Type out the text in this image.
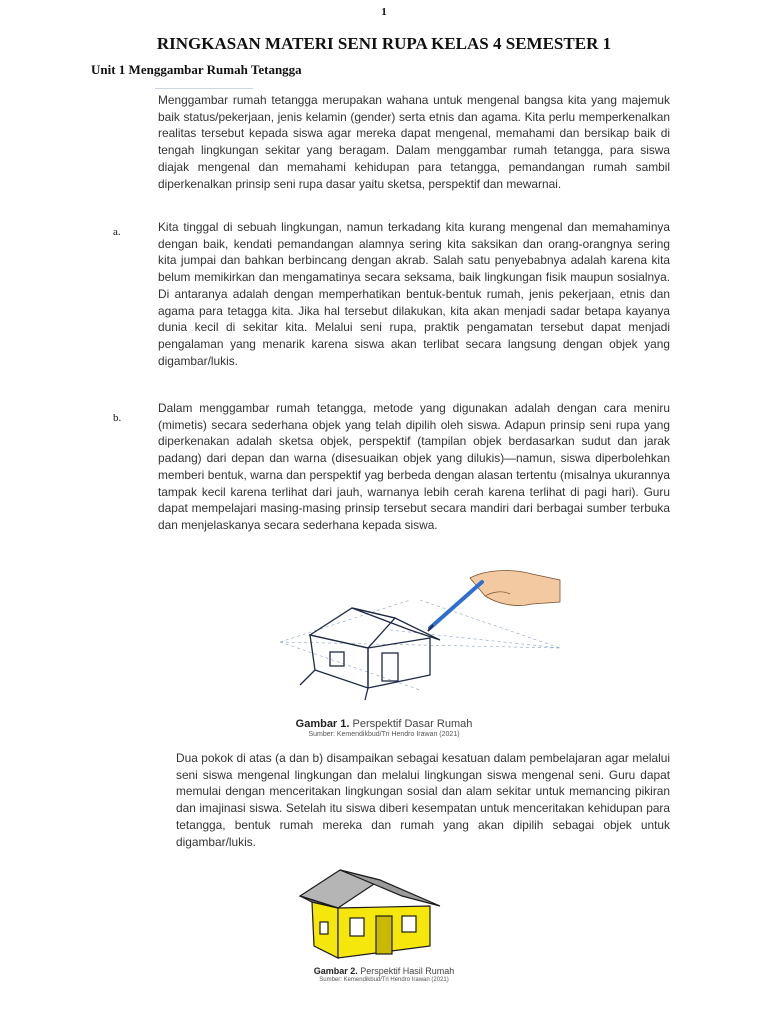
1
RINGKASAN MATERI SENI RUPA KELAS 4 SEMESTER 1
Unit 1 Menggambar Rumah Tetangga
Menggambar rumah tetangga merupakan wahana untuk mengenal bangsa kita yang majemuk baik status/pekerjaan, jenis kelamin (gender) serta etnis dan agama. Kita perlu memperkenalkan realitas tersebut kepada siswa agar mereka dapat mengenal, memahami dan bersikap baik di tengah lingkungan sekitar yang beragam. Dalam menggambar rumah tetangga, para siswa diajak mengenal dan memahami kehidupan para tetangga, pemandangan rumah sambil diperkenalkan prinsip seni rupa dasar yaitu sketsa, perspektif dan mewarnai.
a.	Kita tinggal di sebuah lingkungan, namun terkadang kita kurang mengenal dan memahaminya dengan baik, kendati pemandangan alamnya sering kita saksikan dan orang-orangnya sering kita jumpai dan bahkan berbincang dengan akrab. Salah satu penyebabnya adalah karena kita belum memikirkan dan mengamatinya secara seksama, baik lingkungan fisik maupun sosialnya. Di antaranya adalah dengan memperhatikan bentuk-bentuk rumah, jenis pekerjaan, etnis dan agama para tetagga kita. Jika hal tersebut dilakukan, kita akan menjadi sadar betapa kayanya dunia kecil di sekitar kita. Melalui seni rupa, praktik pengamatan tersebut dapat menjadi pengalaman yang menarik karena siswa akan terlibat secara langsung dengan objek yang digambar/lukis.
b.
Dalam menggambar rumah tetangga, metode yang digunakan adalah dengan cara meniru (mimetis) secara sederhana objek yang telah dipilih oleh siswa. Adapun prinsip seni rupa yang diperkenakan adalah sketsa objek, perspektif (tampilan objek berdasarkan sudut dan jarak padang) dari depan dan warna (disesuaikan objek yang dilukis)—namun, siswa diperbolehkan memberi bentuk, warna dan perspektif yag berbeda dengan alasan tertentu (misalnya ukurannya tampak kecil karena terlihat dari jauh, warnanya lebih cerah karena terlihat di pagi hari). Guru dapat mempelajari masing-masing prinsip tersebut secara mandiri dari berbagai sumber terbuka dan menjelaskanya secara sederhana kepada siswa.
Gambar 1. Perspektif Dasar Rumah
Sumber: Kemendikbud/Tri Hendro Irawan (2021)
Dua pokok di atas (a dan b) disampaikan sebagai kesatuan dalam pembelajaran agar melalui seni siswa mengenal lingkungan dan melalui lingkungan siswa mengenal seni. Guru dapat memulai dengan menceritakan lingkungan sosial dan alam sekitar untuk memancing pikiran dan imajinasi siswa. Setelah itu siswa diberi kesempatan untuk menceritakan kehidupan para tetangga, bentuk rumah mereka dan rumah yang akan dipilih sebagai objek untuk digambar/lukis.
Gambar 2. Perspektif Hasil Rumah
Sumber: Kemendikbud/Tri Hendro Irawan (2021)
